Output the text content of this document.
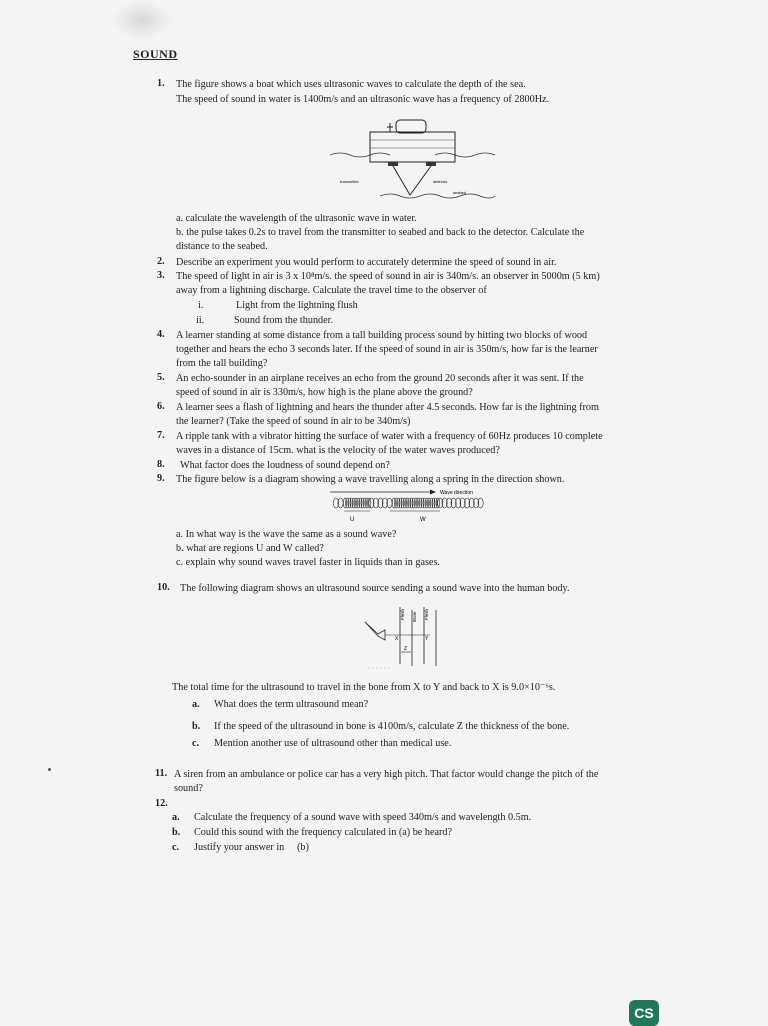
SOUND
1. The figure shows a boat which uses ultrasonic waves to calculate the depth of the sea.
The speed of sound in water is 1400m/s and an ultrasonic wave has a frequency of 2800Hz.
transmitter	detector
seabed
a. calculate the wavelength of the ultrasonic wave in water.
b. the pulse takes 0.2s to travel from the transmitter to seabed and back to the detector. Calculate the
distance to the seabed.
2. Describe an experiment you would perform to accurately determine the speed of sound in air.
3. The speed of light in air is 3 x 10⁸m/s. the speed of sound in air is 340m/s. an observer in 5000m (5 km)
away from a lightning discharge. Calculate the travel time to the observer of
i.	Light from the lightning flush
ii.	Sound from the thunder.
4. A learner standing at some distance from a tall building process sound by hitting two blocks of wood
together and hears the echo 3 seconds later. If the speed of sound in air is 350m/s, how far is the learner
from the tall building?
5. An echo-sounder in an airplane receives an echo from the ground 20 seconds after it was sent. If the
speed of sound in air is 330m/s, how high is the plane above the ground?
6. A learner sees a flash of lightning and hears the thunder after 4.5 seconds. How far is the lightning from
the learner? (Take the speed of sound in air to be 340m/s)
7. A ripple tank with a vibrator hitting the surface of water with a frequency of 60Hz produces 10 complete
waves in a distance of 15cm. what is the velocity of the water waves produced?
8. What factor does the loudness of sound depend on?
9. The figure below is a diagram showing a wave travelling along a spring in the direction shown.
Wave direction
U	W
a. In what way is the wave the same as a sound wave?
b. what are regions U and W called?
c. explain why sound waves travel faster in liquids than in gases.
10. The following diagram shows an ultrasound source sending a sound wave into the human body.
Flesh Bone Flesh
X	Y
Z
The total time for the ultrasound to travel in the bone from X to Y and back to X is 9.0×10⁻⁶s.
a. What does the term ultrasound mean?
b. If the speed of the ultrasound in bone is 4100m/s, calculate Z the thickness of the bone.
c. Mention another use of ultrasound other than medical use.
11. A siren from an ambulance or police car has a very high pitch. That factor would change the pitch of the
sound?
12.
a. Calculate the frequency of a sound wave with speed 340m/s and wavelength 0.5m.
b. Could this sound with the frequency calculated in (a) be heard?
c. Justify your answer in     (b)
CS
